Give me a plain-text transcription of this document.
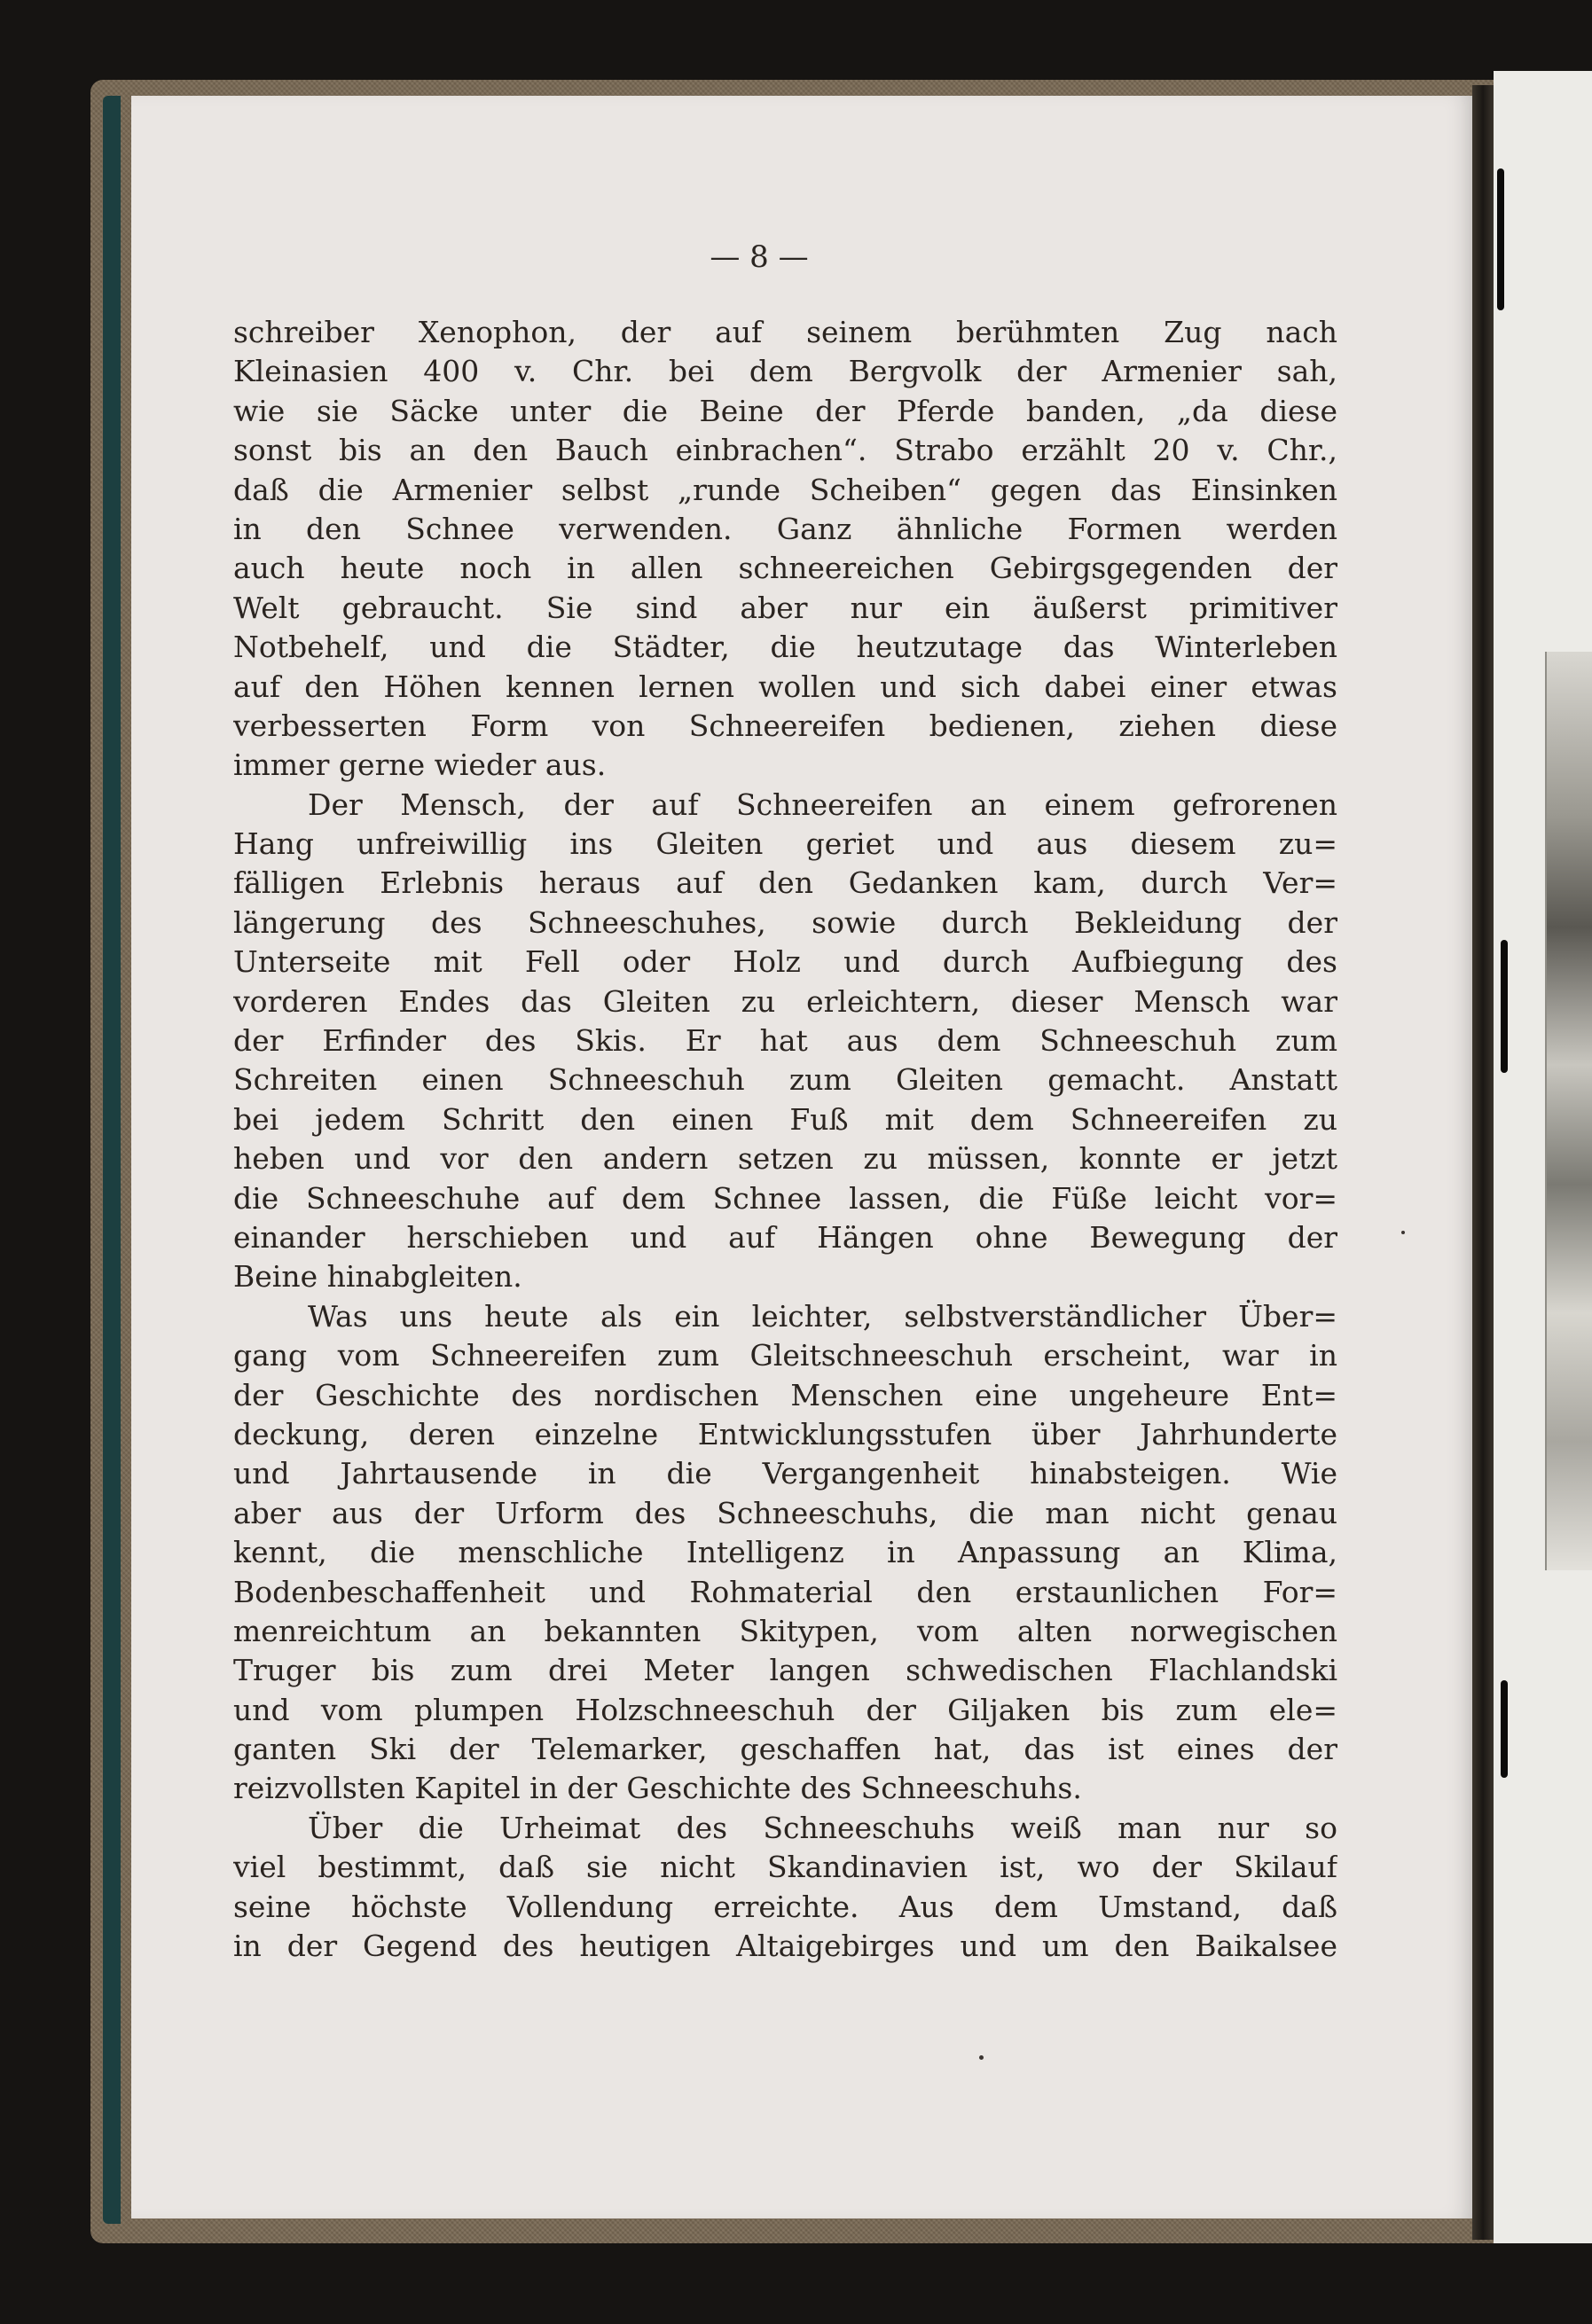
— 8 —
schreiber Xenophon, der auf seinem berühmten Zug nach
Kleinasien 400 v. Chr. bei dem Bergvolk der Armenier sah,
wie sie Säcke unter die Beine der Pferde banden, „da diese
sonst bis an den Bauch einbrachen“. Strabo erzählt 20 v. Chr.,
daß die Armenier selbst „runde Scheiben“ gegen das Einsinken
in den Schnee verwenden. Ganz ähnliche Formen werden
auch heute noch in allen schneereichen Gebirgsgegenden der
Welt gebraucht. Sie sind aber nur ein äußerst primitiver
Notbehelf, und die Städter, die heutzutage das Winterleben
auf den Höhen kennen lernen wollen und sich dabei einer etwas
verbesserten Form von Schneereifen bedienen, ziehen diese
immer gerne wieder aus.
Der Mensch, der auf Schneereifen an einem gefrorenen
Hang unfreiwillig ins Gleiten geriet und aus diesem zu=
fälligen Erlebnis heraus auf den Gedanken kam, durch Ver=
längerung des Schneeschuhes, sowie durch Bekleidung der
Unterseite mit Fell oder Holz und durch Aufbiegung des
vorderen Endes das Gleiten zu erleichtern, dieser Mensch war
der Erfinder des Skis. Er hat aus dem Schneeschuh zum
Schreiten einen Schneeschuh zum Gleiten gemacht. Anstatt
bei jedem Schritt den einen Fuß mit dem Schneereifen zu
heben und vor den andern setzen zu müssen, konnte er jetzt
die Schneeschuhe auf dem Schnee lassen, die Füße leicht vor=
einander herschieben und auf Hängen ohne Bewegung der
Beine hinabgleiten.
Was uns heute als ein leichter, selbstverständlicher Über=
gang vom Schneereifen zum Gleitschneeschuh erscheint, war in
der Geschichte des nordischen Menschen eine ungeheure Ent=
deckung, deren einzelne Entwicklungsstufen über Jahrhunderte
und Jahrtausende in die Vergangenheit hinabsteigen. Wie
aber aus der Urform des Schneeschuhs, die man nicht genau
kennt, die menschliche Intelligenz in Anpassung an Klima,
Bodenbeschaffenheit und Rohmaterial den erstaunlichen For=
menreichtum an bekannten Skitypen, vom alten norwegischen
Truger bis zum drei Meter langen schwedischen Flachlandski
und vom plumpen Holzschneeschuh der Giljaken bis zum ele=
ganten Ski der Telemarker, geschaffen hat, das ist eines der
reizvollsten Kapitel in der Geschichte des Schneeschuhs.
Über die Urheimat des Schneeschuhs weiß man nur so
viel bestimmt, daß sie nicht Skandinavien ist, wo der Skilauf
seine höchste Vollendung erreichte. Aus dem Umstand, daß
in der Gegend des heutigen Altaigebirges und um den Baikalsee
